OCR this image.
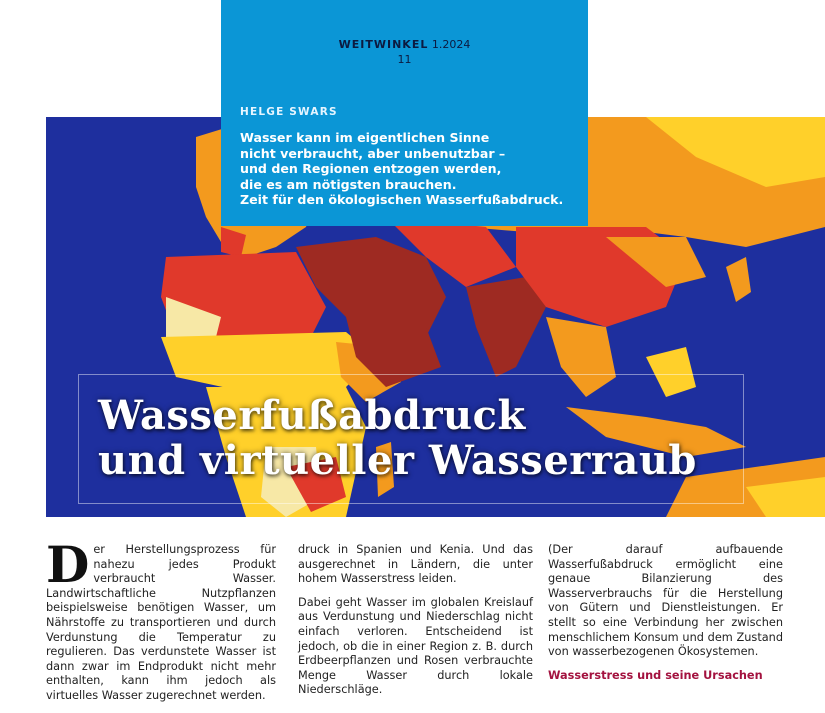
Wasserfußabdruck
und virtueller Wasserraub
WEITWINKEL 1.2024
11
HELGE SWARS
Wasser kann im eigentlichen Sinne
nicht verbraucht, aber unbenutzbar –
und den Regionen entzogen werden,
die es am nötigsten brauchen.
Zeit für den ökologischen Wasserfußabdruck.

Der Herstellungsprozess für nahezu jedes Produkt verbraucht Wasser. Landwirtschaftliche Nutzpflanzen beispielsweise benötigen Wasser, um Nährstoffe zu transportieren und durch Verdunstung die Temperatur zu regulieren. Das verdunstete Wasser ist dann zwar im Endprodukt nicht mehr enthalten, kann ihm jedoch als virtuelles Wasser zugerechnet werden.

druck in Spanien und Kenia. Und das ausgerechnet in Ländern, die unter hohem Wasserstress leiden.

Dabei geht Wasser im globalen Kreislauf aus Verdunstung und Niederschlag nicht einfach verloren. Entscheidend ist jedoch, ob die in einer Region z. B. durch Erdbeerpflanzen und Rosen verbrauchte Menge Wasser durch lokale Niederschläge.

(Der darauf aufbauende Wasserfußabdruck ermöglicht eine genaue Bilanzierung des Wasserverbrauchs für die Herstellung von Gütern und Dienstleistungen. Er stellt so eine Verbindung her zwischen menschlichem Konsum und dem Zustand von wasserbezogenen Ökosystemen.

Wasserstress und seine Ursachen
